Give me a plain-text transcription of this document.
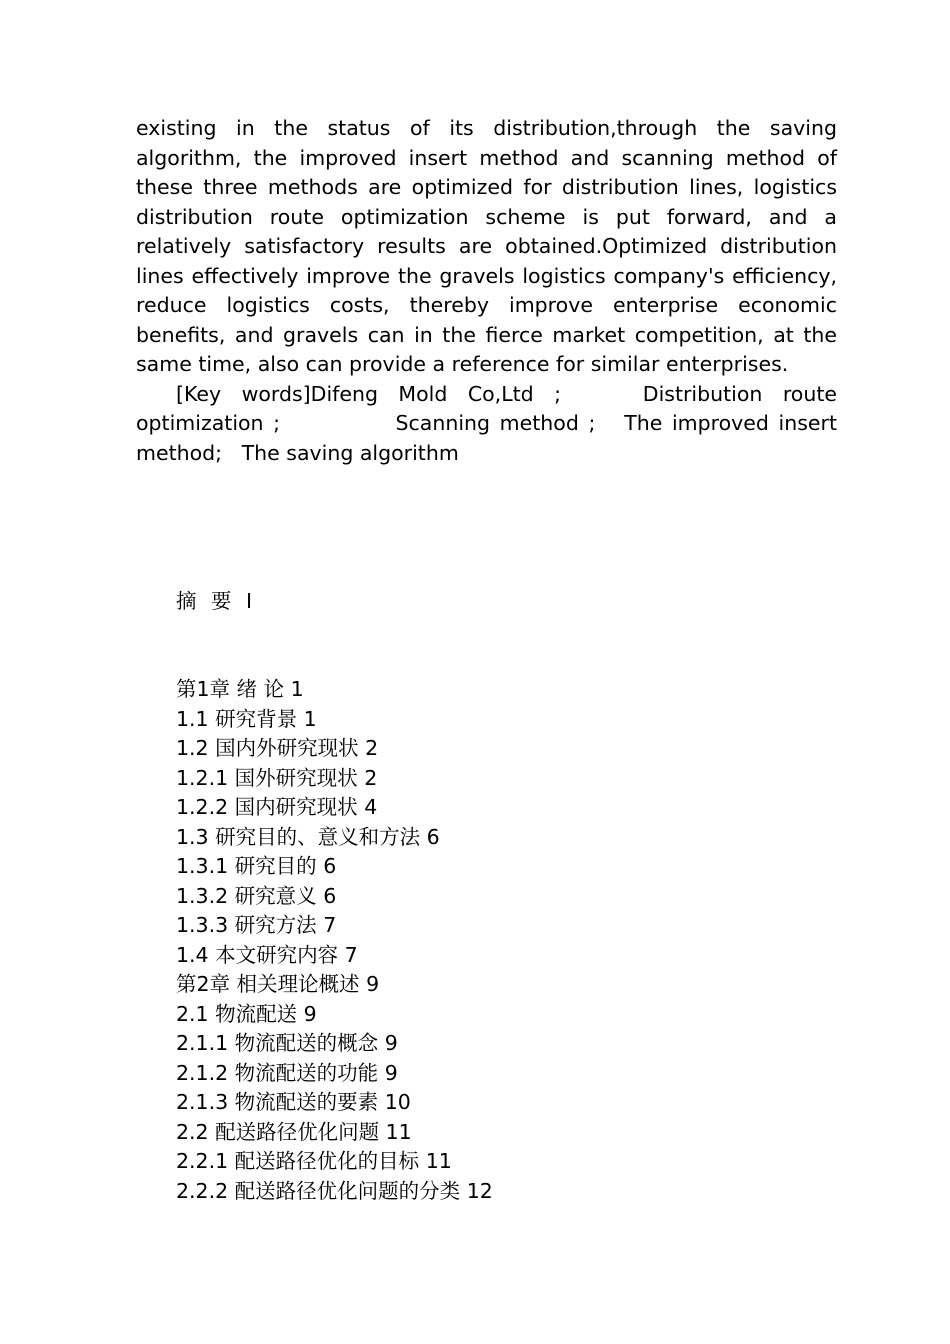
existing in the status of its distribution,through the saving algorithm, the improved insert method and scanning method of these three methods are optimized for distribution lines, logistics distribution route optimization scheme is put forward, and a relatively satisfactory results are obtained.Optimized distribution lines effectively improve the gravels logistics company's efficiency, reduce logistics costs, thereby improve enterprise economic benefits, and gravels can in the fierce market competition, at the same time, also can provide a reference for similar enterprises.

[Key words]Difeng Mold Co,Ltd ;    Distribution route optimization ;            Scanning method ;   The improved insert method;   The saving algorithm

摘 要 Ⅰ
第1章 绪 论 1
1.1 研究背景 1
1.2 国内外研究现状 2
1.2.1 国外研究现状 2
1.2.2 国内研究现状 4
1.3 研究目的、意义和方法 6
1.3.1 研究目的 6
1.3.2 研究意义 6
1.3.3 研究方法 7
1.4 本文研究内容 7
第2章 相关理论概述 9
2.1 物流配送 9
2.1.1 物流配送的概念 9
2.1.2 物流配送的功能 9
2.1.3 物流配送的要素 10
2.2 配送路径优化问题 11
2.2.1 配送路径优化的目标 11
2.2.2 配送路径优化问题的分类 12
